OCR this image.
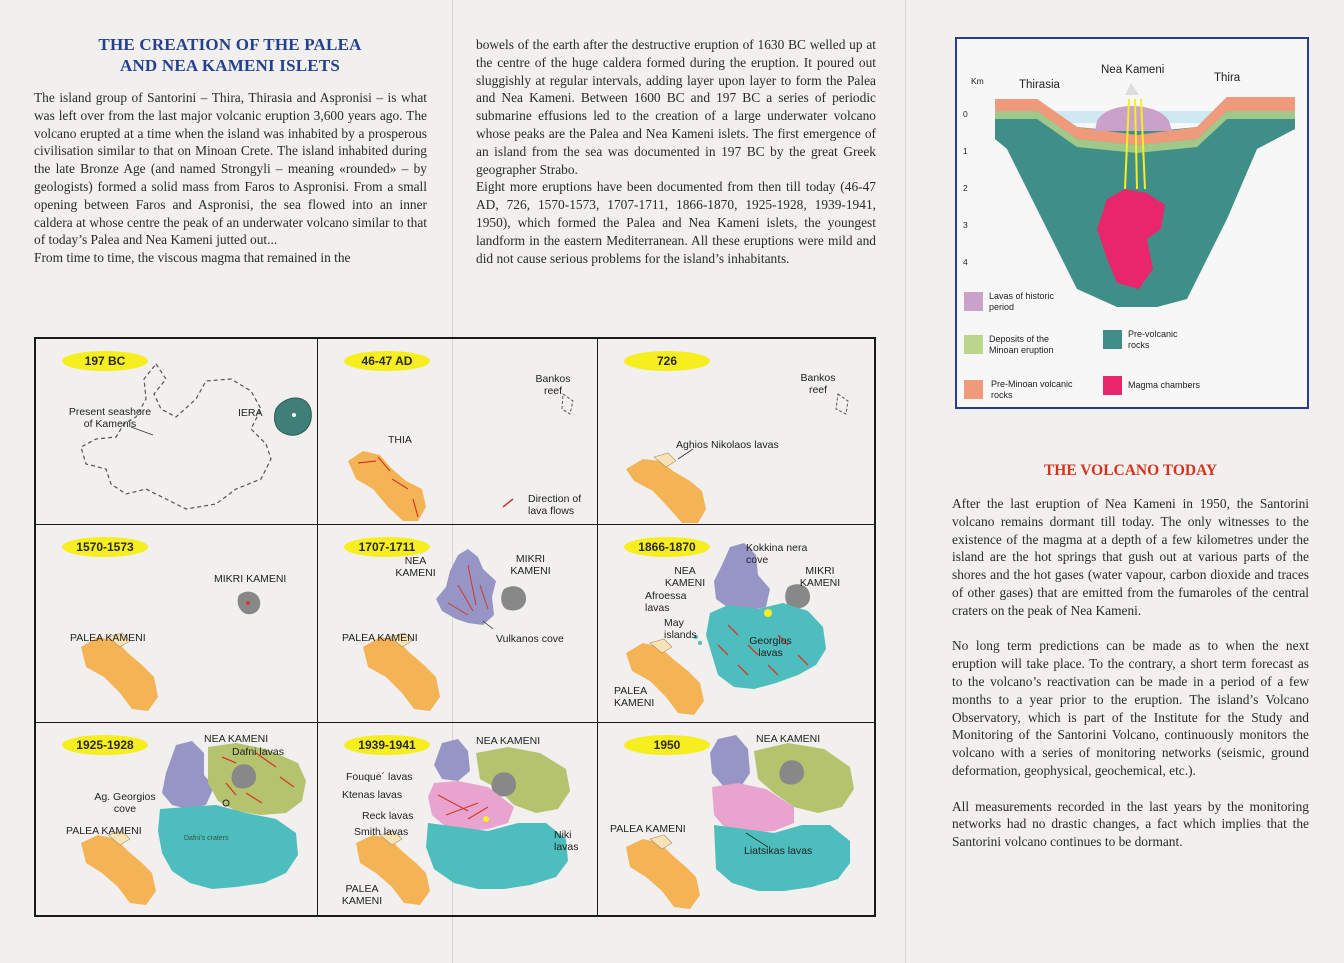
THE CREATION OF THE PALEA
AND NEA KAMENI ISLETS

The island group of Santorini – Thira, Thirasia and Aspronisi – is what was left over from the last major volcanic eruption 3,600 years ago. The volcano erupted at a time when the island was inhabited by a prosperous civilisation similar to that on Minoan Crete. The island inhabited during the late Bronze Age (and named Strongyli – meaning «rounded» – by geologists) formed a solid mass from Faros to Aspronisi. From a small opening between Faros and Aspronisi, the sea flowed into an inner caldera at whose centre the peak of an underwater volcano similar to that of today’s Palea and Nea Kameni jutted out...

From time to time, the viscous magma that remained in the

bowels of the earth after the destructive eruption of 1630 BC welled up at the centre of the huge caldera formed during the eruption. It poured out sluggishly at regular intervals, adding layer upon layer to form the Palea and Nea Kameni. Between 1600 BC and 197 BC a series of periodic submarine effusions led to the creation of a large underwater volcano whose peaks are the Palea and Nea Kameni islets. The first emergence of an island from the sea was documented in 197 BC by the great Greek geographer Strabo.

Eight more eruptions have been documented from then till today (46-47 AD, 726, 1570-1573, 1707-1711, 1866-1870, 1925-1928, 1939-1941, 1950), which formed the Palea and Nea Kameni islets, the youngest landform in the eastern Mediterranean. All these eruptions were mild and did not cause serious problems for the island’s inhabitants.

197 BC
Present seashore
of Kamenis
IERA
46-47 AD
Bankos
reef
THIA
Direction of
lava flows
726
Bankos
reef
Aghios Nikolaos lavas
1570-1573
MIKRI KAMENI
PALEA KAMENI
1707-1711
NEA
KAMENI
MIKRI
KAMENI
Vulkanos cove
PALEA KAMENI
1866-1870	Kokkina nera
cove
NEA
KAMENI
MIKRI
KAMENI
Afroessa
lavas
May
islands	Georgios
lavas
PALEA
KAMENI
1925-1928	NEA KAMENI
Dafni lavas
Ag. Georgios
cove
PALEA KAMENI
Dafni's craters
1939-1941	NEA KAMENI
Fouque´ lavas
Ktenas lavas
Reck lavas
Smith lavas	Niki
lavas
PALEA
KAMENI
1950	NEA KAMENI
PALEA KAMENI
Liatsikas lavas
Km	Thirasia
Nea Kameni
Thira
0
1
2
3
4
Lavas of historic
period
Deposits of the
Minoan eruption
Pre-volcanic
rocks
Pre-Minoan volcanic
rocks
Magma chambers
THE VOLCANO TODAY

After the last eruption of Nea Kameni in 1950, the Santorini volcano remains dormant till today. The only witnesses to the existence of the magma at a depth of a few kilometres under the island are the hot springs that gush out at various parts of the shores and the hot gases (water vapour, carbon dioxide and traces of other gases) that are emitted from the fumaroles of the central craters on the peak of Nea Kameni.

No long term predictions can be made as to when the next eruption will take place. To the contrary, a short term forecast as to the volcano’s reactivation can be made in a period of a few months to a year prior to the eruption. The island’s Volcano Observatory, which is part of the Institute for the Study and Monitoring of the Santorini Volcano, continuously monitors the volcano with a series of monitoring networks (seismic, ground deformation, geophysical, geochemical, etc.).

All measurements recorded in the last years by the monitoring networks had no drastic changes, a fact which implies that the Santorini volcano continues to be dormant.
